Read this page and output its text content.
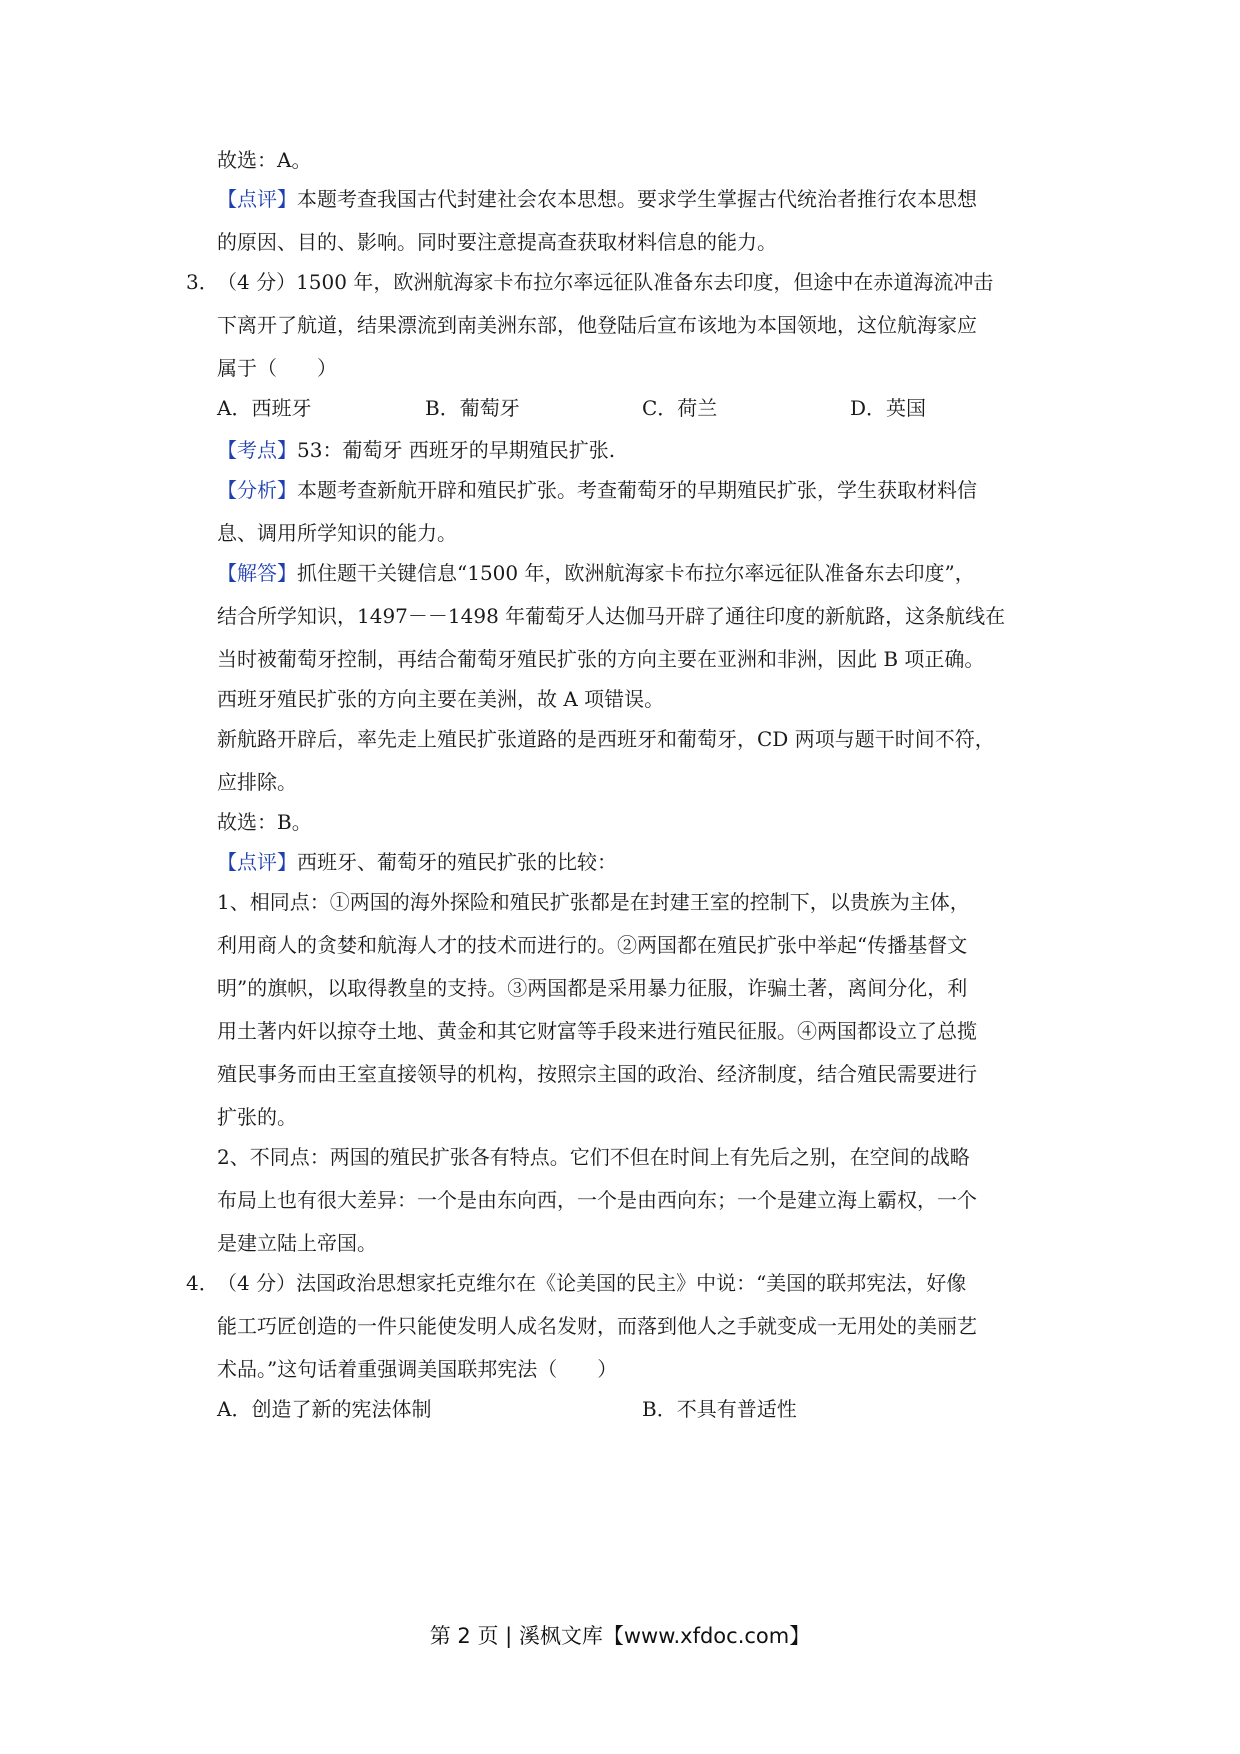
故选：A。
【点评】本题考查我国古代封建社会农本思想。要求学生掌握古代统治者推行农本思想
的原因、目的、影响。同时要注意提高查获取材料信息的能力。
3．
（4 分）1500 年，欧洲航海家卡布拉尔率远征队准备东去印度，但途中在赤道海流冲击
下离开了航道，结果漂流到南美洲东部，他登陆后宣布该地为本国领地，这位航海家应
属于（　　）
A．西班牙	B．葡萄牙	C．荷兰	D．英国
【考点】53：葡萄牙 西班牙的早期殖民扩张.
【分析】本题考查新航开辟和殖民扩张。考查葡萄牙的早期殖民扩张，学生获取材料信
息、调用所学知识的能力。
【解答】抓住题干关键信息“1500 年，欧洲航海家卡布拉尔率远征队准备东去印度”，
结合所学知识，1497－－1498 年葡萄牙人达伽马开辟了通往印度的新航路，这条航线在
当时被葡萄牙控制，再结合葡萄牙殖民扩张的方向主要在亚洲和非洲，因此 B 项正确。
西班牙殖民扩张的方向主要在美洲，故 A 项错误。
新航路开辟后，率先走上殖民扩张道路的是西班牙和葡萄牙，CD 两项与题干时间不符，
应排除。
故选：B。
【点评】西班牙、葡萄牙的殖民扩张的比较：
1、相同点：①两国的海外探险和殖民扩张都是在封建王室的控制下，以贵族为主体，
利用商人的贪婪和航海人才的技术而进行的。②两国都在殖民扩张中举起“传播基督文
明”的旗帜，以取得教皇的支持。③两国都是采用暴力征服，诈骗土著，离间分化，利
用土著内奸以掠夺土地、黄金和其它财富等手段来进行殖民征服。④两国都设立了总揽
殖民事务而由王室直接领导的机构，按照宗主国的政治、经济制度，结合殖民需要进行
扩张的。
2、不同点：两国的殖民扩张各有特点。它们不但在时间上有先后之别，在空间的战略
布局上也有很大差异：一个是由东向西，一个是由西向东；一个是建立海上霸权，一个
是建立陆上帝国。
4．
（4 分）法国政治思想家托克维尔在《论美国的民主》中说：“美国的联邦宪法，好像
能工巧匠创造的一件只能使发明人成名发财，而落到他人之手就变成一无用处的美丽艺
术品。”这句话着重强调美国联邦宪法（　　）
A．创造了新的宪法体制	B．不具有普适性
第 2 页 | 溪枫文库【www.xfdoc.com】
